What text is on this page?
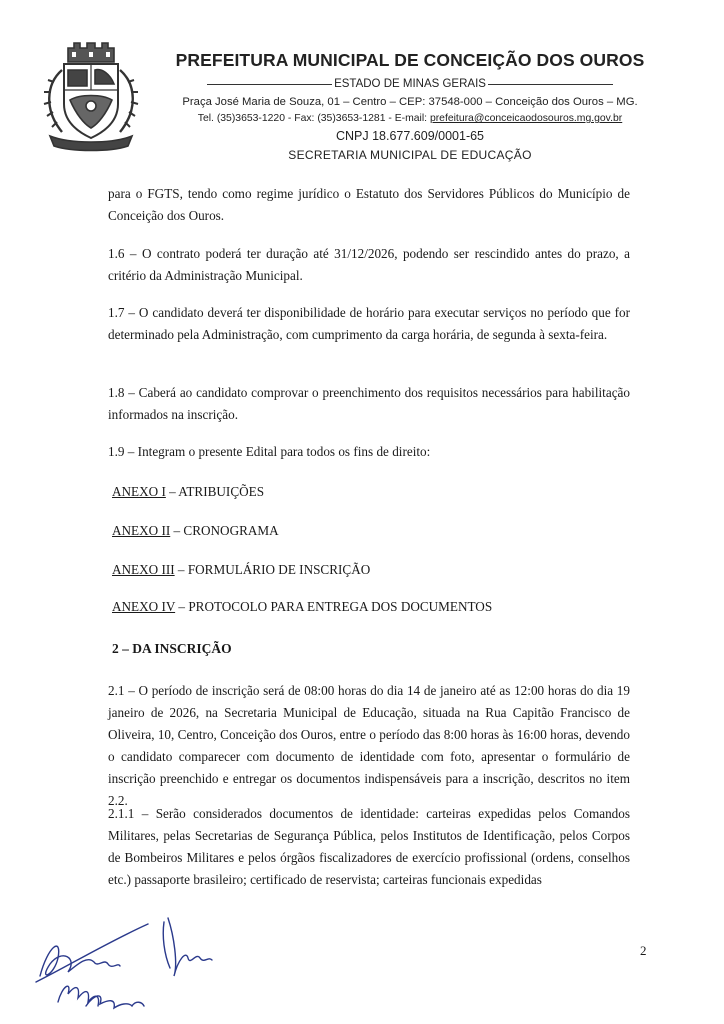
PREFEITURA MUNICIPAL DE CONCEIÇÃO DOS OUROS
ESTADO DE MINAS GERAIS
Praça José Maria de Souza, 01 – Centro – CEP: 37548-000 – Conceição dos Ouros – MG.
Tel. (35)3653-1220 - Fax: (35)3653-1281 - E-mail: prefeitura@conceicaodosouros.mg.gov.br
CNPJ 18.677.609/0001-65
SECRETARIA MUNICIPAL DE EDUCAÇÃO

para o FGTS, tendo como regime jurídico o Estatuto dos Servidores Públicos do Município de Conceição dos Ouros.

1.6 – O contrato poderá ter duração até 31/12/2026, podendo ser rescindido antes do prazo, a critério da Administração Municipal.

1.7 – O candidato deverá ter disponibilidade de horário para executar serviços no período que for determinado pela Administração, com cumprimento da carga horária, de segunda à sexta-feira.

1.8 – Caberá ao candidato comprovar o preenchimento dos requisitos necessários para habilitação informados na inscrição.

1.9 – Integram o presente Edital para todos os fins de direito:

ANEXO I – ATRIBUIÇÕES
ANEXO II – CRONOGRAMA
ANEXO III – FORMULÁRIO DE INSCRIÇÃO
ANEXO IV – PROTOCOLO PARA ENTREGA DOS DOCUMENTOS
2 – DA INSCRIÇÃO

2.1 – O período de inscrição será de 08:00 horas do dia 14 de janeiro até as 12:00 horas do dia 19 janeiro de 2026, na Secretaria Municipal de Educação, situada na Rua Capitão Francisco de Oliveira, 10, Centro, Conceição dos Ouros, entre o período das 8:00 horas às 16:00 horas, devendo o candidato comparecer com documento de identidade com foto, apresentar o formulário de inscrição preenchido e entregar os documentos indispensáveis para a inscrição, descritos no item 2.2.

2.1.1 – Serão considerados documentos de identidade: carteiras expedidas pelos Comandos Militares, pelas Secretarias de Segurança Pública, pelos Institutos de Identificação, pelos Corpos de Bombeiros Militares e pelos órgãos fiscalizadores de exercício profissional (ordens, conselhos etc.) passaporte brasileiro; certificado de reservista; carteiras funcionais expedidas

2
